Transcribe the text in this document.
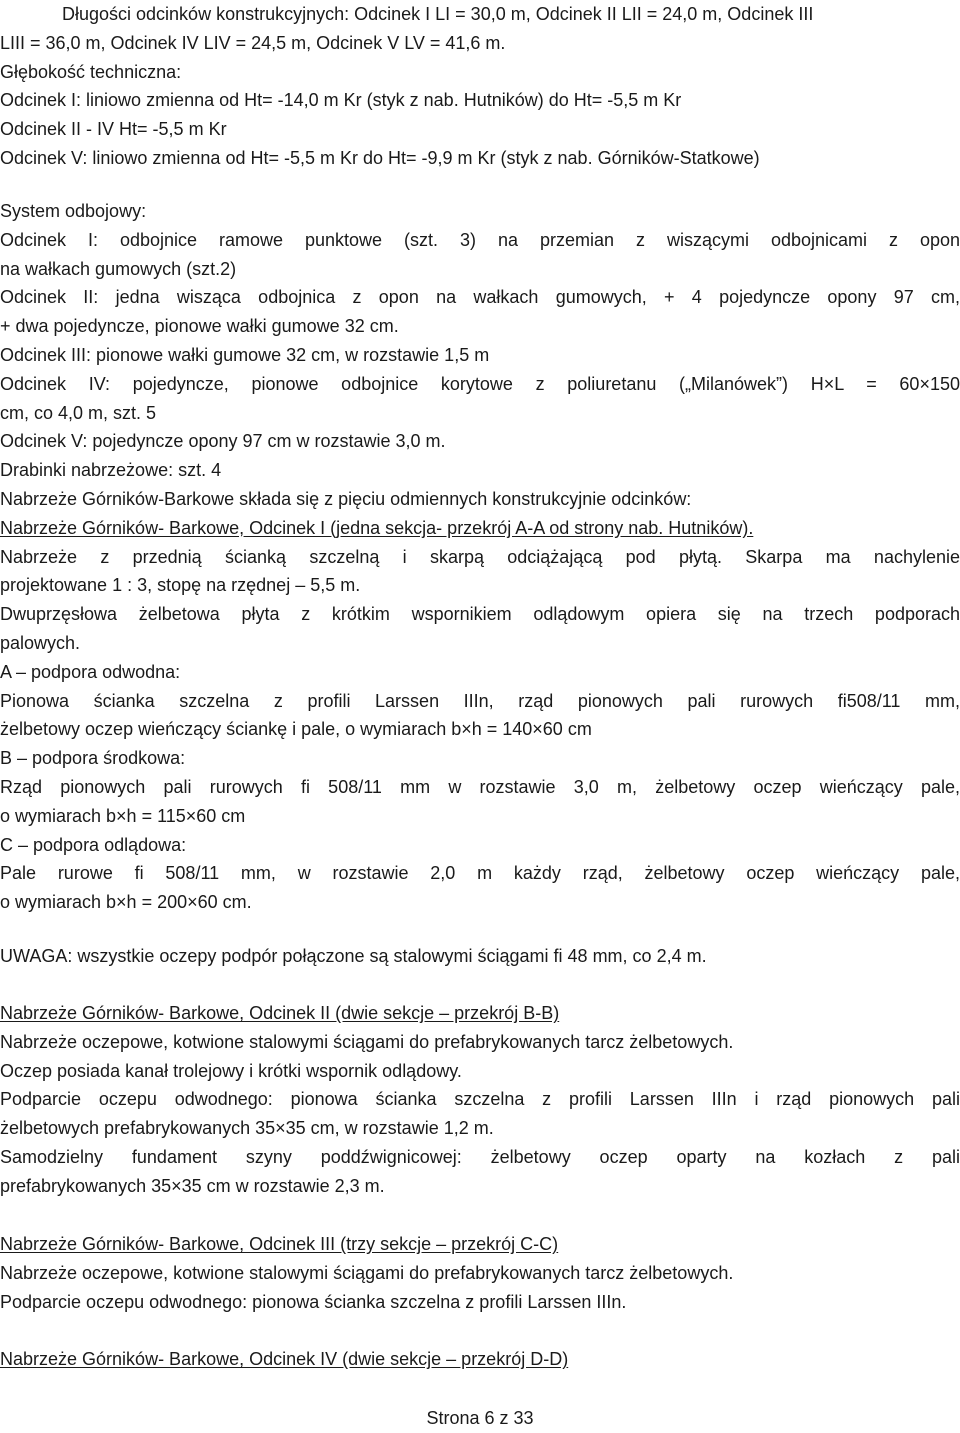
Długości odcinków konstrukcyjnych: Odcinek I LI = 30,0 m, Odcinek II LII = 24,0 m, Odcinek III
LIII = 36,0 m, Odcinek IV LIV = 24,5 m, Odcinek V LV = 41,6 m.
Głębokość techniczna:
Odcinek I: liniowo zmienna od Ht= -14,0 m Kr (styk z nab. Hutników) do Ht= -5,5 m Kr
Odcinek II - IV Ht= -5,5 m Kr
Odcinek V: liniowo zmienna od Ht= -5,5 m Kr do Ht= -9,9 m Kr (styk z nab. Górników-Statkowe)
System odbojowy:
Odcinek I: odbojnice ramowe punktowe (szt. 3) na przemian z wiszącymi odbojnicami z opon
na wałkach gumowych (szt.2)
Odcinek II: jedna wisząca odbojnica z opon na wałkach gumowych, + 4 pojedyncze opony 97 cm,
+ dwa pojedyncze, pionowe wałki gumowe 32 cm.
Odcinek III: pionowe wałki gumowe 32 cm, w rozstawie 1,5 m
Odcinek IV: pojedyncze, pionowe odbojnice korytowe z poliuretanu („Milanówek”) H×L = 60×150
cm, co 4,0 m, szt. 5
Odcinek V: pojedyncze opony 97 cm w rozstawie 3,0 m.
Drabinki nabrzeżowe: szt. 4
Nabrzeże Górników-Barkowe składa się z pięciu odmiennych konstrukcyjnie odcinków:
Nabrzeże Górników- Barkowe, Odcinek I (jedna sekcja- przekrój A-A od strony nab. Hutników).
Nabrzeże z przednią ścianką szczelną i skarpą odciążającą pod płytą. Skarpa ma nachylenie
projektowane 1 : 3, stopę na rzędnej – 5,5 m.
Dwuprzęsłowa żelbetowa płyta z krótkim wspornikiem odlądowym opiera się na trzech podporach
palowych.
A – podpora odwodna:
Pionowa ścianka szczelna z profili Larssen IIIn, rząd pionowych pali rurowych fi508/11 mm,
żelbetowy oczep wieńczący ściankę i pale, o wymiarach b×h = 140×60 cm
B – podpora środkowa:
Rząd pionowych pali rurowych fi 508/11 mm w rozstawie 3,0 m, żelbetowy oczep wieńczący pale,
o wymiarach b×h = 115×60 cm
C – podpora odlądowa:
Pale rurowe fi 508/11 mm, w rozstawie 2,0 m każdy rząd, żelbetowy oczep wieńczący pale,
o wymiarach b×h = 200×60 cm.
UWAGA: wszystkie oczepy podpór połączone są stalowymi ściągami fi 48 mm, co 2,4 m.
Nabrzeże Górników- Barkowe, Odcinek II (dwie sekcje – przekrój B-B)
Nabrzeże oczepowe, kotwione stalowymi ściągami do prefabrykowanych tarcz żelbetowych.
Oczep posiada kanał trolejowy i krótki wspornik odlądowy.
Podparcie oczepu odwodnego: pionowa ścianka szczelna z profili Larssen IIIn i rząd pionowych pali
żelbetowych prefabrykowanych 35×35 cm, w rozstawie 1,2 m.
Samodzielny fundament szyny poddźwignicowej: żelbetowy oczep oparty na kozłach z pali
prefabrykowanych 35×35 cm w rozstawie 2,3 m.
Nabrzeże Górników- Barkowe, Odcinek III (trzy sekcje – przekrój C-C)
Nabrzeże oczepowe, kotwione stalowymi ściągami do prefabrykowanych tarcz żelbetowych.
Podparcie oczepu odwodnego: pionowa ścianka szczelna z profili Larssen IIIn.
Nabrzeże Górników- Barkowe, Odcinek IV (dwie sekcje – przekrój D-D)
Strona 6 z 33
